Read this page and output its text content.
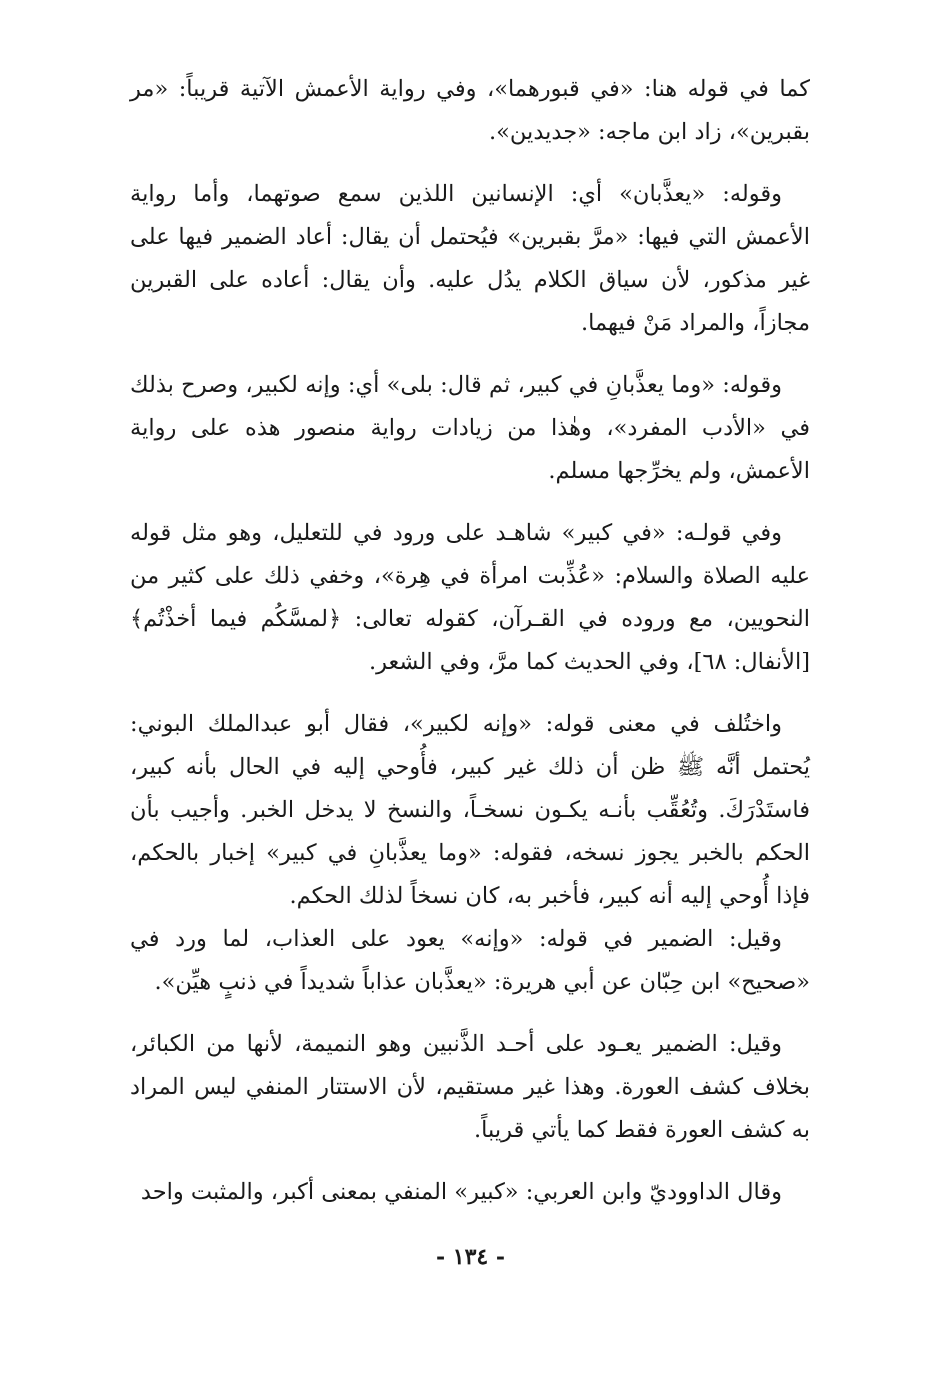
كما في قوله هنا: «في قبورهما»، وفي رواية الأعمش الآتية قريباً: «مر بقبرين»، زاد ابن ماجه: «جديدين».

وقوله: «يعذَّبان» أي: الإنسانين اللذين سمع صوتهما، وأما رواية الأعمش التي فيها: «مرَّ بقبرين» فيُحتمل أن يقال: أعاد الضمير فيها على غير مذكور، لأن سياق الكلام يدُل عليه. وأن يقال: أعاده على القبرين مجازاً، والمراد مَنْ فيهما.

وقوله: «وما يعذَّبانِ في كبير، ثم قال: بلى» أي: وإنه لكبير، وصرح بذلك في «الأدب المفرد»، وهٰذا من زيادات رواية منصور هذه على رواية الأعمش، ولم يخرِّجها مسلم.

وفي قولـه: «في كبير» شاهـد على ورود في للتعليل، وهو مثل قوله عليه الصلاة والسلام: «عُذِّبت امرأة في هِرة»، وخفي ذلك على كثير من النحويين، مع وروده في القـرآن، كقوله تعالى: ﴿لمسَّكُم فيما أخذْتُم﴾ [الأنفال: ٦٨]، وفي الحديث كما مرَّ، وفي الشعر.

واختُلف في معنى قوله: «وإنه لكبير»، فقال أبو عبدالملك البوني: يُحتمل أنَّه ﷺ ظن أن ذلك غير كبير، فأُوحي إليه في الحال بأنه كبير، فاستَدْرَكَ. وتُعُقِّب بأنـه يكـون نسخـاً، والنسخ لا يدخل الخبر. وأجيب بأن الحكم بالخبر يجوز نسخه، فقوله: «وما يعذَّبانِ في كبير» إخبار بالحكم، فإذا أُوحي إليه أنه كبير، فأخبر به، كان نسخاً لذلك الحكم.

وقيل: الضمير في قوله: «وإنه» يعود على العذاب، لما ورد في «صحيح» ابن حِبّان عن أبي هريرة: «يعذَّبان عذاباً شديداً في ذنبٍ هيِّن».

وقيل: الضمير يعـود على أحـد الذَّنبين وهو النميمة، لأنها من الكبائر، بخلاف كشف العورة. وهذا غير مستقيم، لأن الاستتار المنفي ليس المراد به كشف العورة فقط كما يأتي قريباً.

وقال الداووديّ وابن العربي: «كبير» المنفي بمعنى أكبر، والمثبت واحد

- ١٣٤ -
